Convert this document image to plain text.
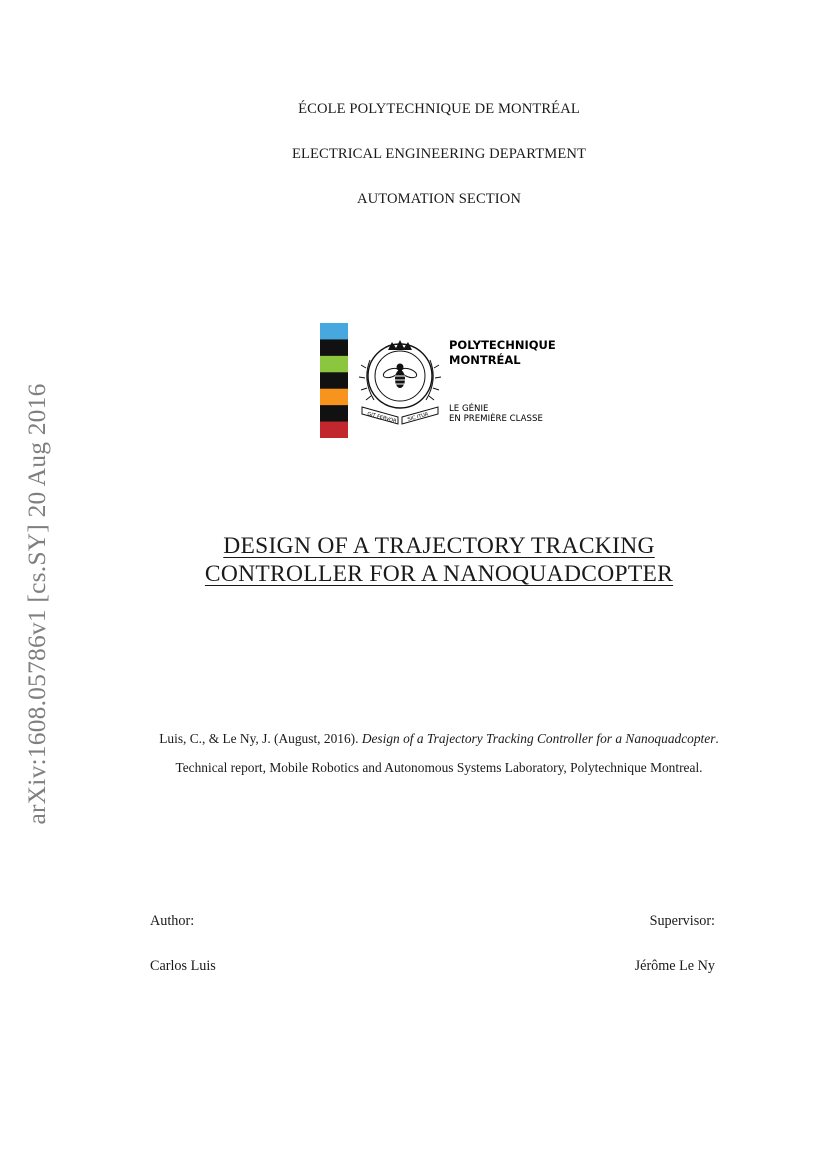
arXiv:1608.05786v1 [cs.SY] 20 Aug 2016
ÉCOLE POLYTECHNIQUE DE MONTRÉAL
ELECTRICAL ENGINEERING DEPARTMENT
AUTOMATION SECTION
GIT FERVOR SIC ITUR
POLYTECHNIQUE
MONTRÉAL
LE GÉNIE
EN PREMIÈRE CLASSE
DESIGN OF A TRAJECTORY TRACKING
CONTROLLER FOR A NANOQUADCOPTER
Luis, C., & Le Ny, J. (August, 2016). Design of a Trajectory Tracking Controller for a Nanoquadcopter. Technical report, Mobile Robotics and Autonomous Systems Laboratory, Polytechnique Montreal.
Author:
Carlos Luis
Supervisor:
Jérôme Le Ny
